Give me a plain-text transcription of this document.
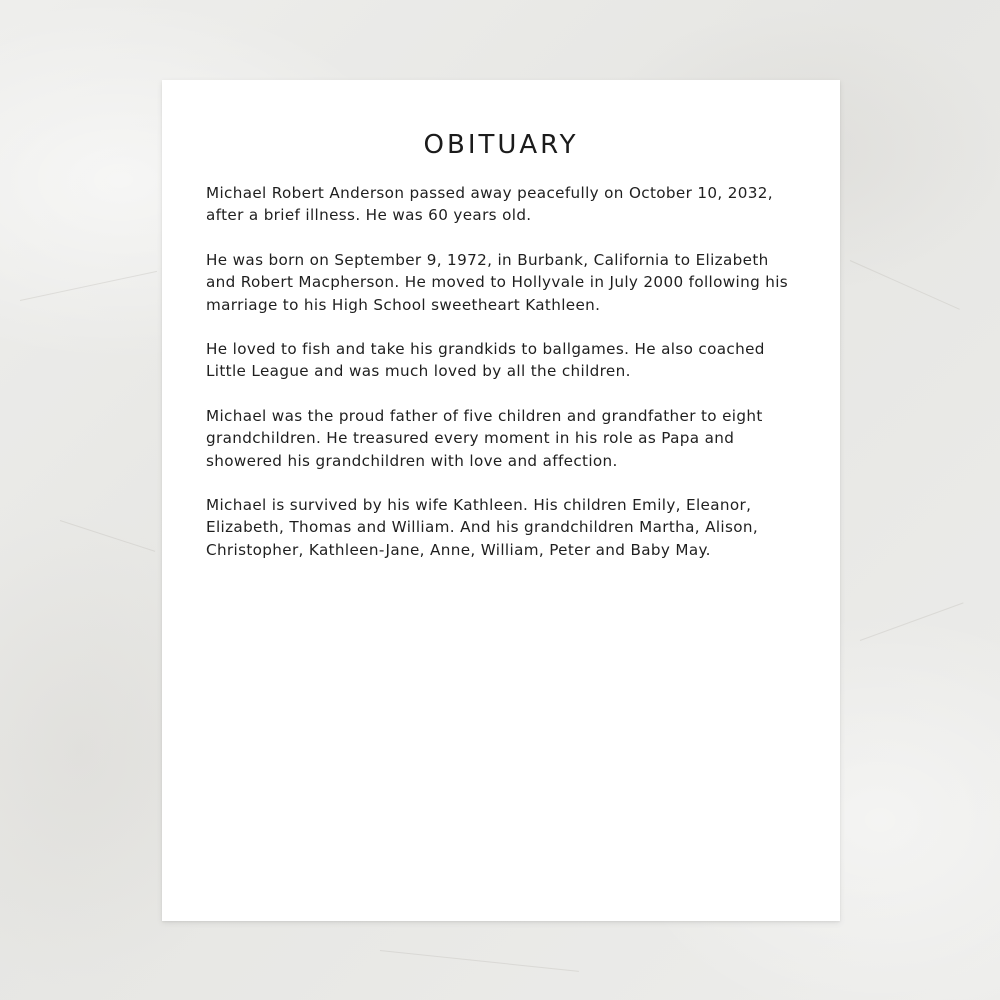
OBITUARY

Michael Robert Anderson passed away peacefully on October 10, 2032, after a brief illness. He was 60 years old.

He was born on September 9, 1972, in Burbank, California to Elizabeth and Robert Macpherson. He moved to Hollyvale in July 2000 following his marriage to his High School sweetheart Kathleen.

He loved to fish and take his grandkids to ballgames. He also coached Little League and was much loved by all the children.

Michael was the proud father of five children and grandfather to eight grandchildren. He treasured every moment in his role as Papa and showered his grandchildren with love and affection.

Michael is survived by his wife Kathleen. His children Emily, Eleanor, Elizabeth, Thomas and William. And his grandchildren Martha, Alison, Christopher, Kathleen-Jane, Anne, William, Peter and Baby May.
